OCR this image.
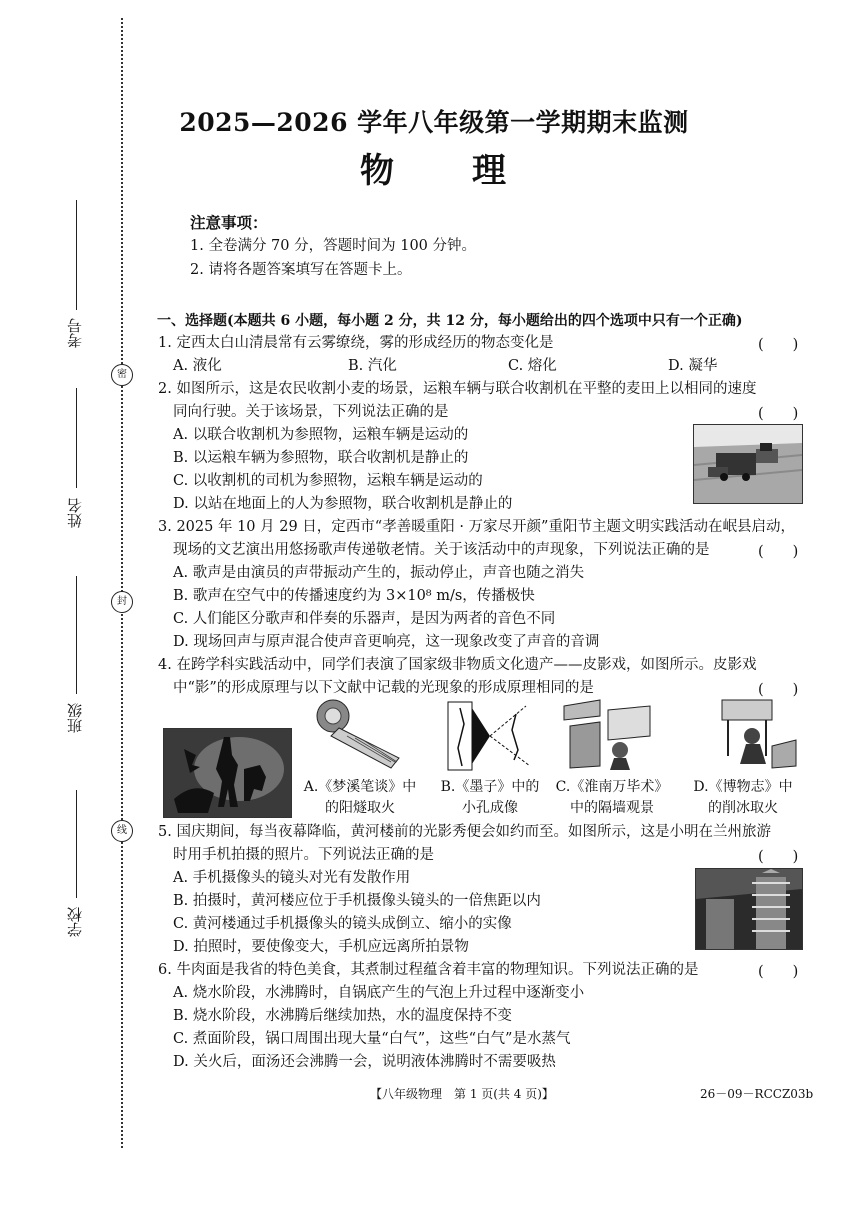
考号
姓名
班级
学校
密
封
线
2025—2026 学年八年级第一学期期末监测
物 理
注意事项：
1. 全卷满分 70 分，答题时间为 100 分钟。
2. 请将各题答案填写在答题卡上。
一、选择题(本题共 6 小题，每小题 2 分，共 12 分，每小题给出的四个选项中只有一个正确)
1. 定西太白山清晨常有云雾缭绕，雾的形成经历的物态变化是	(　　)
A. 液化	B. 汽化	C. 熔化	D. 凝华
2. 如图所示，这是农民收割小麦的场景，运粮车辆与联合收割机在平整的麦田上以相同的速度
同向行驶。关于该场景，下列说法正确的是	(　　)
A. 以联合收割机为参照物，运粮车辆是运动的
B. 以运粮车辆为参照物，联合收割机是静止的
C. 以收割机的司机为参照物，运粮车辆是运动的
D. 以站在地面上的人为参照物，联合收割机是静止的
3. 2025 年 10 月 29 日，定西市“孝善暖重阳 · 万家尽开颜”重阳节主题文明实践活动在岷县启动，
现场的文艺演出用悠扬歌声传递敬老情。关于该活动中的声现象，下列说法正确的是	(　　)
A. 歌声是由演员的声带振动产生的，振动停止，声音也随之消失
B. 歌声在空气中的传播速度约为 3×10⁸ m/s，传播极快
C. 人们能区分歌声和伴奏的乐器声，是因为两者的音色不同
D. 现场回声与原声混合使声音更响亮，这一现象改变了声音的音调
4. 在跨学科实践活动中，同学们表演了国家级非物质文化遗产——皮影戏，如图所示。皮影戏
中“影”的形成原理与以下文献中记载的光现象的形成原理相同的是	(　　)
A.《梦溪笔谈》中
的阳燧取火
B.《墨子》中的
小孔成像
C.《淮南万毕术》
中的隔墙观景
D.《博物志》中
的削冰取火
5. 国庆期间，每当夜幕降临，黄河楼前的光影秀便会如约而至。如图所示，这是小明在兰州旅游
时用手机拍摄的照片。下列说法正确的是	(　　)
A. 手机摄像头的镜头对光有发散作用
B. 拍摄时，黄河楼应位于手机摄像头镜头的一倍焦距以内
C. 黄河楼通过手机摄像头的镜头成倒立、缩小的实像
D. 拍照时，要使像变大，手机应远离所拍景物
6. 牛肉面是我省的特色美食，其煮制过程蕴含着丰富的物理知识。下列说法正确的是	(　　)
A. 烧水阶段，水沸腾时，自锅底产生的气泡上升过程中逐渐变小
B. 烧水阶段，水沸腾后继续加热，水的温度保持不变
C. 煮面阶段，锅口周围出现大量“白气”，这些“白气”是水蒸气
D. 关火后，面汤还会沸腾一会，说明液体沸腾时不需要吸热
【八年级物理　第 1 页(共 4 页)】	26－09－RCCZ03b
